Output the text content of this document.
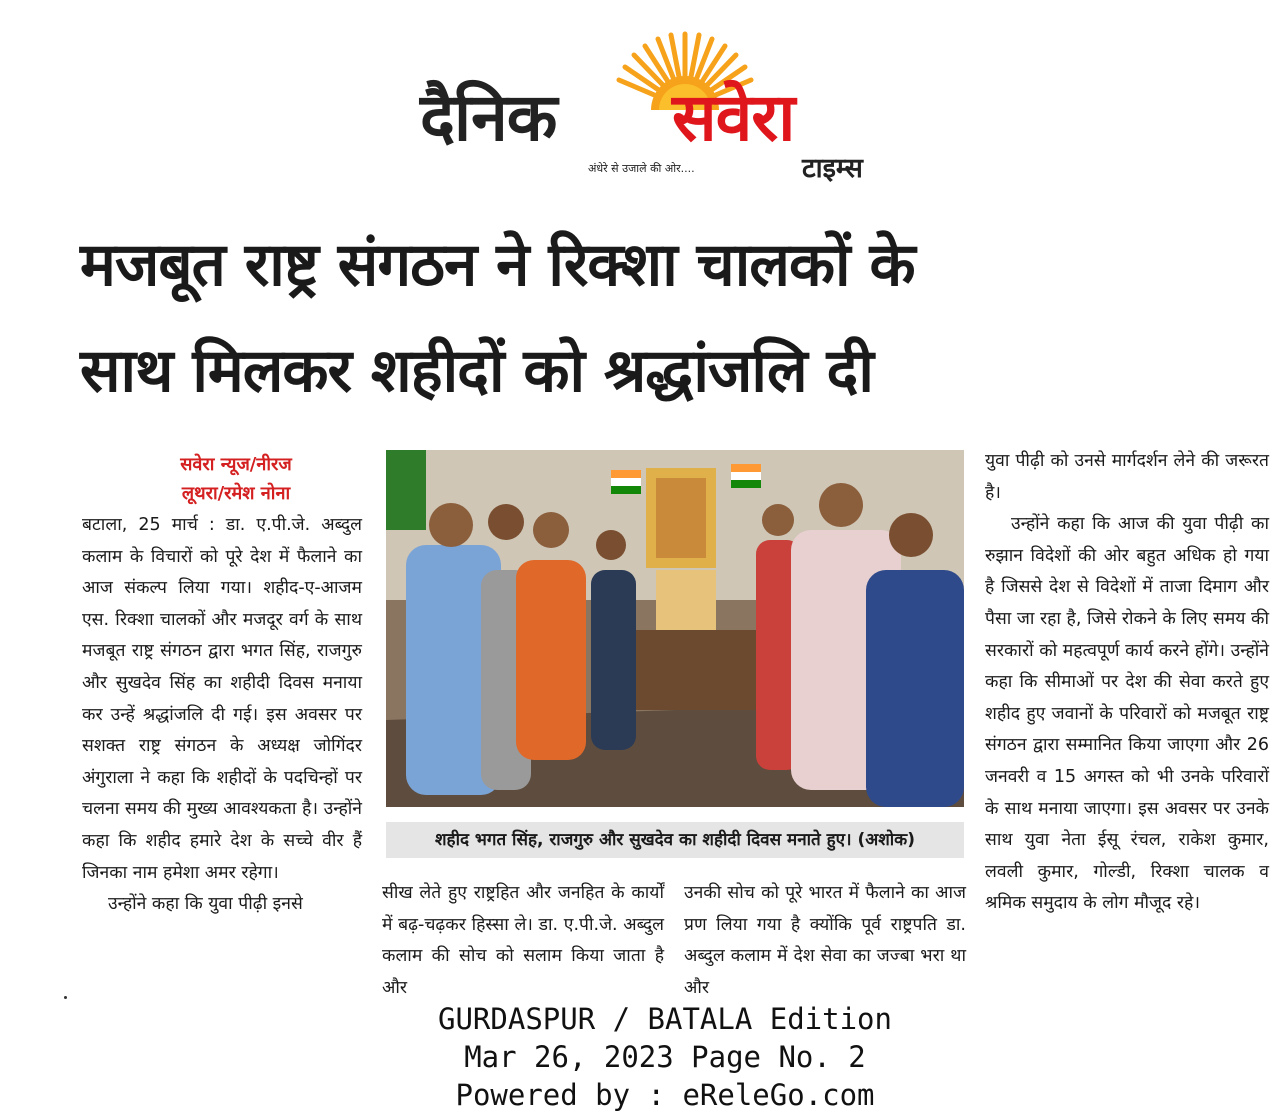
दैनिक सवेरा
अंधेरे से उजाले की ओर....	टाइम्स
मजबूत राष्ट्र संगठन ने रिक्शा चालकों के
साथ मिलकर शहीदों को श्रद्धांजलि दी
सवेरा न्यूज/नीरज
लूथरा/रमेश नोना

बटाला, 25 मार्च : डा. ए.पी.जे. अब्दुल कलाम के विचारों को पूरे देश में फैलाने का आज संकल्प लिया गया। शहीद-ए-आजम एस. रिक्शा चालकों और मजदूर वर्ग के साथ मजबूत राष्ट्र संगठन द्वारा भगत सिंह, राजगुरु और सुखदेव सिंह का शहीदी दिवस मनाया कर उन्हें श्रद्धांजलि दी गई। इस अवसर पर सशक्त राष्ट्र संगठन के अध्यक्ष जोगिंदर अंगुराला ने कहा कि शहीदों के पदचिन्हों पर चलना समय की मुख्य आवश्यकता है। उन्होंने कहा कि शहीद हमारे देश के सच्चे वीर हैं जिनका नाम हमेशा अमर रहेगा।

उन्होंने कहा कि युवा पीढ़ी इनसे

शहीद भगत सिंह, राजगुरु और सुखदेव का शहीदी दिवस मनाते हुए। (अशोक)

सीख लेते हुए राष्ट्रहित और जनहित के कार्यों में बढ़-चढ़कर हिस्सा ले। डा. ए.पी.जे. अब्दुल कलाम की सोच को सलाम किया जाता है और

उनकी सोच को पूरे भारत में फैलाने का आज प्रण लिया गया है क्योंकि पूर्व राष्ट्रपति डा. अब्दुल कलाम में देश सेवा का जज्बा भरा था और

युवा पीढ़ी को उनसे मार्गदर्शन लेने की जरूरत है।

उन्होंने कहा कि आज की युवा पीढ़ी का रुझान विदेशों की ओर बहुत अधिक हो गया है जिससे देश से विदेशों में ताजा दिमाग और पैसा जा रहा है, जिसे रोकने के लिए समय की सरकारों को महत्वपूर्ण कार्य करने होंगे। उन्होंने कहा कि सीमाओं पर देश की सेवा करते हुए शहीद हुए जवानों के परिवारों को मजबूत राष्ट्र संगठन द्वारा सम्मानित किया जाएगा और 26 जनवरी व 15 अगस्त को भी उनके परिवारों के साथ मनाया जाएगा। इस अवसर पर उनके साथ युवा नेता ईसू रंचल, राकेश कुमार, लवली कुमार, गोल्डी, रिक्शा चालक व श्रमिक समुदाय के लोग मौजूद रहे।

GURDASPUR / BATALA Edition
Mar 26, 2023 Page No. 2
Powered by : eReleGo.com
